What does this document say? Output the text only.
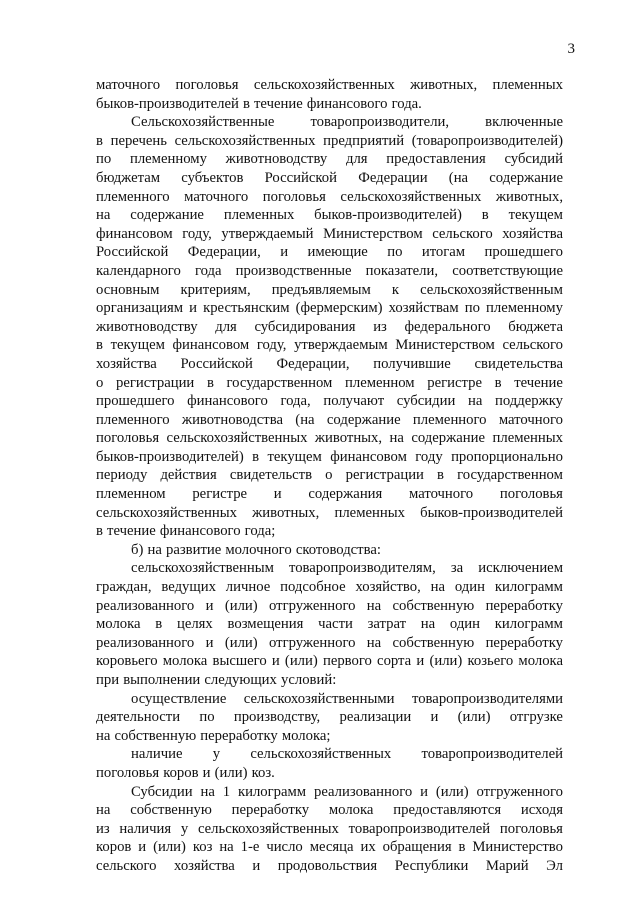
3
маточного поголовья сельскохозяйственных животных, племенных
быков-производителей в течение финансового года.
Сельскохозяйственные товаропроизводители, включенные
в перечень сельскохозяйственных предприятий (товаропроизводителей)
по племенному животноводству для предоставления субсидий
бюджетам субъектов Российской Федерации (на содержание
племенного маточного поголовья сельскохозяйственных животных,
на содержание племенных быков-производителей) в текущем
финансовом году, утверждаемый Министерством сельского хозяйства
Российской Федерации, и имеющие по итогам прошедшего
календарного года производственные показатели, соответствующие
основным критериям, предъявляемым к сельскохозяйственным
организациям и крестьянским (фермерским) хозяйствам по племенному
животноводству для субсидирования из федерального бюджета
в текущем финансовом году, утверждаемым Министерством сельского
хозяйства Российской Федерации, получившие свидетельства
о регистрации в государственном племенном регистре в течение
прошедшего финансового года, получают субсидии на поддержку
племенного животноводства (на содержание племенного маточного
поголовья сельскохозяйственных животных, на содержание племенных
быков-производителей) в текущем финансовом году пропорционально
периоду действия свидетельств о регистрации в государственном
племенном регистре и содержания маточного поголовья
сельскохозяйственных животных, племенных быков-производителей
в течение финансового года;
б) на развитие молочного скотоводства:
сельскохозяйственным товаропроизводителям, за исключением
граждан, ведущих личное подсобное хозяйство, на один килограмм
реализованного и (или) отгруженного на собственную переработку
молока в целях возмещения части затрат на один килограмм
реализованного и (или) отгруженного на собственную переработку
коровьего молока высшего и (или) первого сорта и (или) козьего молока
при выполнении следующих условий:
осуществление сельскохозяйственными товаропроизводителями
деятельности по производству, реализации и (или) отгрузке
на собственную переработку молока;
наличие у сельскохозяйственных товаропроизводителей
поголовья коров и (или) коз.
Субсидии на 1 килограмм реализованного и (или) отгруженного
на собственную переработку молока предоставляются исходя
из наличия у сельскохозяйственных товаропроизводителей поголовья
коров и (или) коз на 1-е число месяца их обращения в Министерство
сельского хозяйства и продовольствия Республики Марий Эл
